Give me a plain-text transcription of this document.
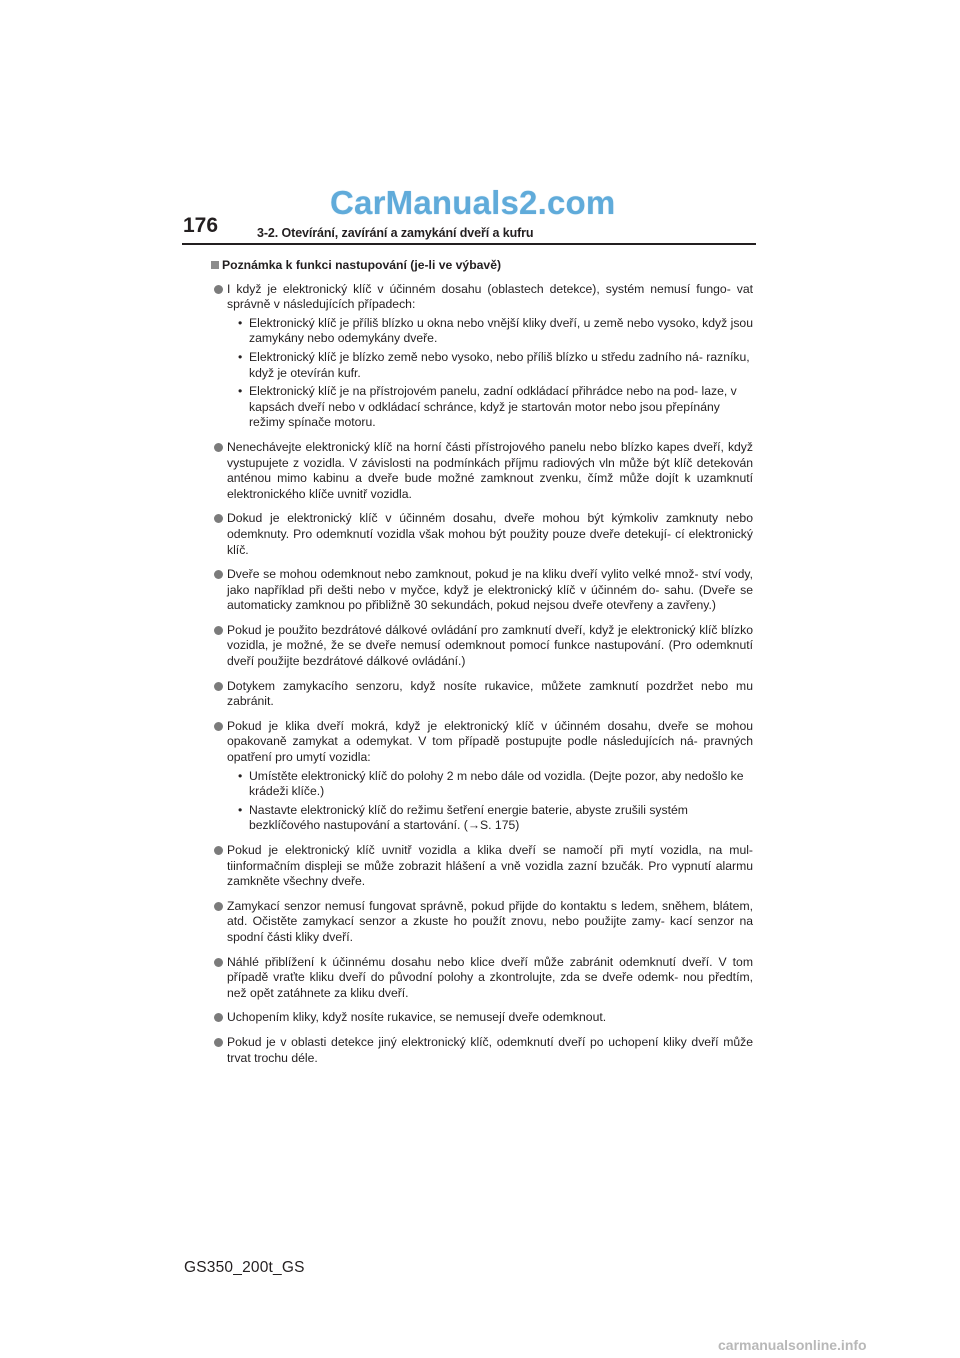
CarManuals2.com
176	3-2. Otevírání, zavírání a zamykání dveří a kufru
Poznámka k funkci nastupování (je-li ve výbavě)
I když je elektronický klíč v účinném dosahu (oblastech detekce), systém nemusí fungo- vat správně v následujících případech:
• Elektronický klíč je příliš blízko u okna nebo vnější kliky dveří, u země nebo vysoko, když jsou zamykány nebo odemykány dveře.
• Elektronický klíč je blízko země nebo vysoko, nebo příliš blízko u středu zadního ná- razníku, když je otevírán kufr.
• Elektronický klíč je na přístrojovém panelu, zadní odkládací přihrádce nebo na pod- laze, v kapsách dveří nebo v odkládací schránce, když je startován motor nebo jsou přepínány režimy spínače motoru.
Nenechávejte elektronický klíč na horní části přístrojového panelu nebo blízko kapes dveří, když vystupujete z vozidla. V závislosti na podmínkách příjmu radiových vln může být klíč detekován anténou mimo kabinu a dveře bude možné zamknout zvenku, čímž může dojít k uzamknutí elektronického klíče uvnitř vozidla.
Dokud je elektronický klíč v účinném dosahu, dveře mohou být kýmkoliv zamknuty nebo odemknuty. Pro odemknutí vozidla však mohou být použity pouze dveře detekují- cí elektronický klíč.
Dveře se mohou odemknout nebo zamknout, pokud je na kliku dveří vylito velké množ- ství vody, jako například při dešti nebo v myčce, když je elektronický klíč v účinném do- sahu. (Dveře se automaticky zamknou po přibližně 30 sekundách, pokud nejsou dveře otevřeny a zavřeny.)
Pokud je použito bezdrátové dálkové ovládání pro zamknutí dveří, když je elektronický klíč blízko vozidla, je možné, že se dveře nemusí odemknout pomocí funkce nastupování. (Pro odemknutí dveří použijte bezdrátové dálkové ovládání.)
Dotykem zamykacího senzoru, když nosíte rukavice, můžete zamknutí pozdržet nebo mu zabránit.
Pokud je klika dveří mokrá, když je elektronický klíč v účinném dosahu, dveře se mohou opakovaně zamykat a odemykat. V tom případě postupujte podle následujících ná- pravných opatření pro umytí vozidla:
• Umístěte elektronický klíč do polohy 2 m nebo dále od vozidla. (Dejte pozor, aby nedošlo ke krádeži klíče.)
• Nastavte elektronický klíč do režimu šetření energie baterie, abyste zrušili systém bezklíčového nastupování a startování. (→S. 175)
Pokud je elektronický klíč uvnitř vozidla a klika dveří se namočí při mytí vozidla, na mul- tiinformačním displeji se může zobrazit hlášení a vně vozidla zazní bzučák. Pro vypnutí alarmu zamkněte všechny dveře.
Zamykací senzor nemusí fungovat správně, pokud přijde do kontaktu s ledem, sněhem, blátem, atd. Očistěte zamykací senzor a zkuste ho použít znovu, nebo použijte zamy- kací senzor na spodní části kliky dveří.
Náhlé přiblížení k účinnému dosahu nebo klice dveří může zabránit odemknutí dveří. V tom případě vraťte kliku dveří do původní polohy a zkontrolujte, zda se dveře odemk- nou předtím, než opět zatáhnete za kliku dveří.
Uchopením kliky, když nosíte rukavice, se nemusejí dveře odemknout.
Pokud je v oblasti detekce jiný elektronický klíč, odemknutí dveří po uchopení kliky dveří může trvat trochu déle.
GS350_200t_GS
carmanualsonline.info
